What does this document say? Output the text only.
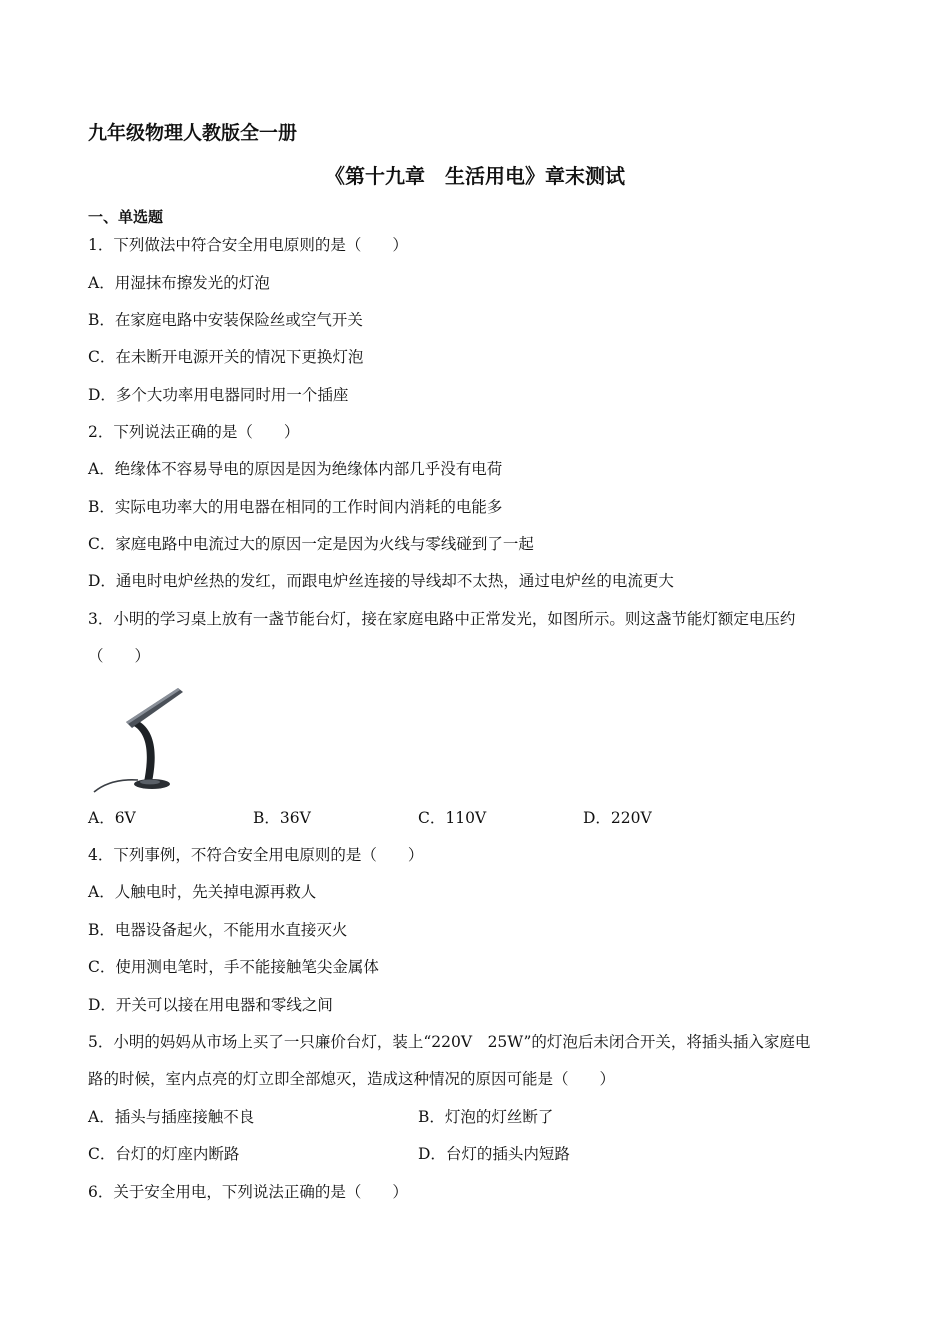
九年级物理人教版全一册
《第十九章　生活用电》章末测试
一、单选题
1．下列做法中符合安全用电原则的是（　　）
A．用湿抹布擦发光的灯泡
B．在家庭电路中安装保险丝或空气开关
C．在未断开电源开关的情况下更换灯泡
D．多个大功率用电器同时用一个插座
2．下列说法正确的是（　　）
A．绝缘体不容易导电的原因是因为绝缘体内部几乎没有电荷
B．实际电功率大的用电器在相同的工作时间内消耗的电能多
C．家庭电路中电流过大的原因一定是因为火线与零线碰到了一起
D．通电时电炉丝热的发红，而跟电炉丝连接的导线却不太热，通过电炉丝的电流更大
3．小明的学习桌上放有一盏节能台灯，接在家庭电路中正常发光，如图所示。则这盏节能灯额定电压约
（　　）
A．6V	B．36V	C．110V	D．220V
4．下列事例，不符合安全用电原则的是（　　）
A．人触电时，先关掉电源再救人
B．电器设备起火，不能用水直接灭火
C．使用测电笔时，手不能接触笔尖金属体
D．开关可以接在用电器和零线之间
5．小明的妈妈从市场上买了一只廉价台灯，装上“220V　25W”的灯泡后未闭合开关，将插头插入家庭电
路的时候，室内点亮的灯立即全部熄灭，造成这种情况的原因可能是（　　）
A．插头与插座接触不良	B．灯泡的灯丝断了
C．台灯的灯座内断路	D．台灯的插头内短路
6．关于安全用电，下列说法正确的是（　　）
